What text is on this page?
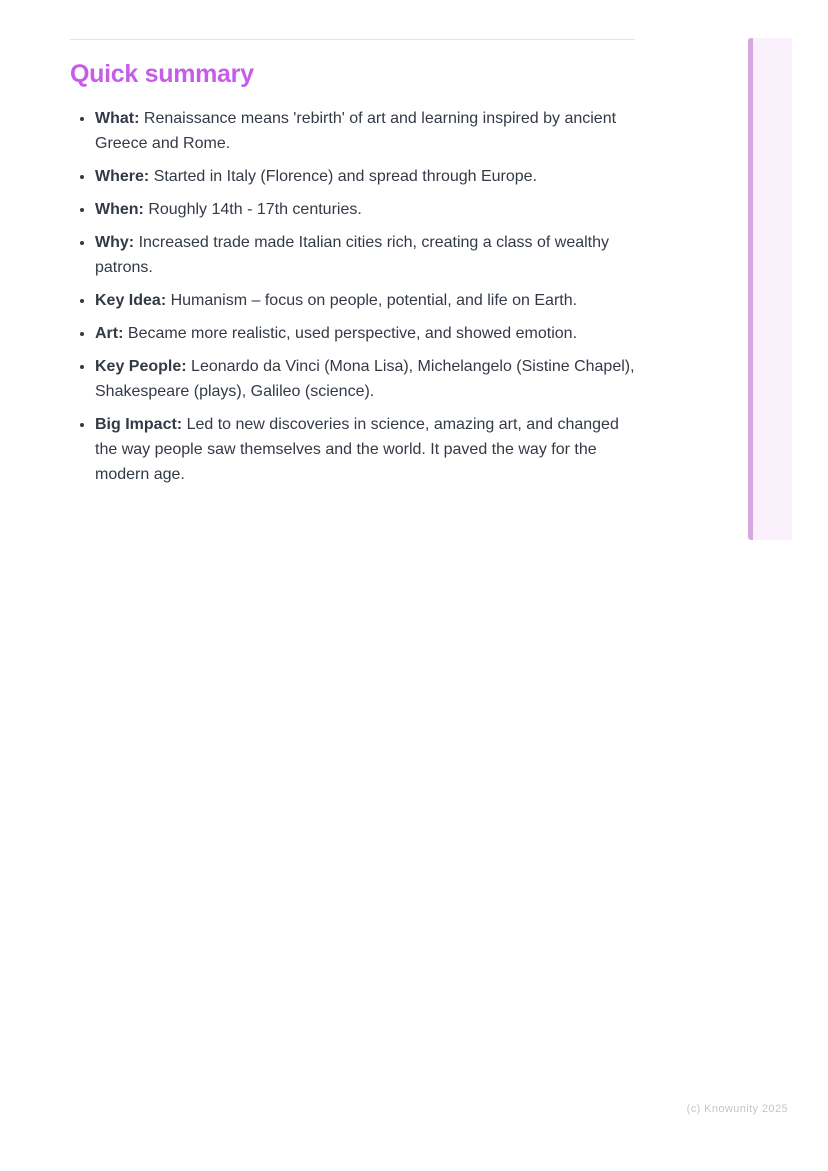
Quick summary
• What: Renaissance means 'rebirth' of art and learning inspired by ancient Greece and Rome.
• Where: Started in Italy (Florence) and spread through Europe.
• When: Roughly 14th - 17th centuries.
• Why: Increased trade made Italian cities rich, creating a class of wealthy patrons.
• Key Idea: Humanism – focus on people, potential, and life on Earth.
• Art: Became more realistic, used perspective, and showed emotion.
• Key People: Leonardo da Vinci (Mona Lisa), Michelangelo (Sistine Chapel), Shakespeare (plays), Galileo (science).
• Big Impact: Led to new discoveries in science, amazing art, and changed the way people saw themselves and the world. It paved the way for the modern age.
(c) Knowunity 2025
